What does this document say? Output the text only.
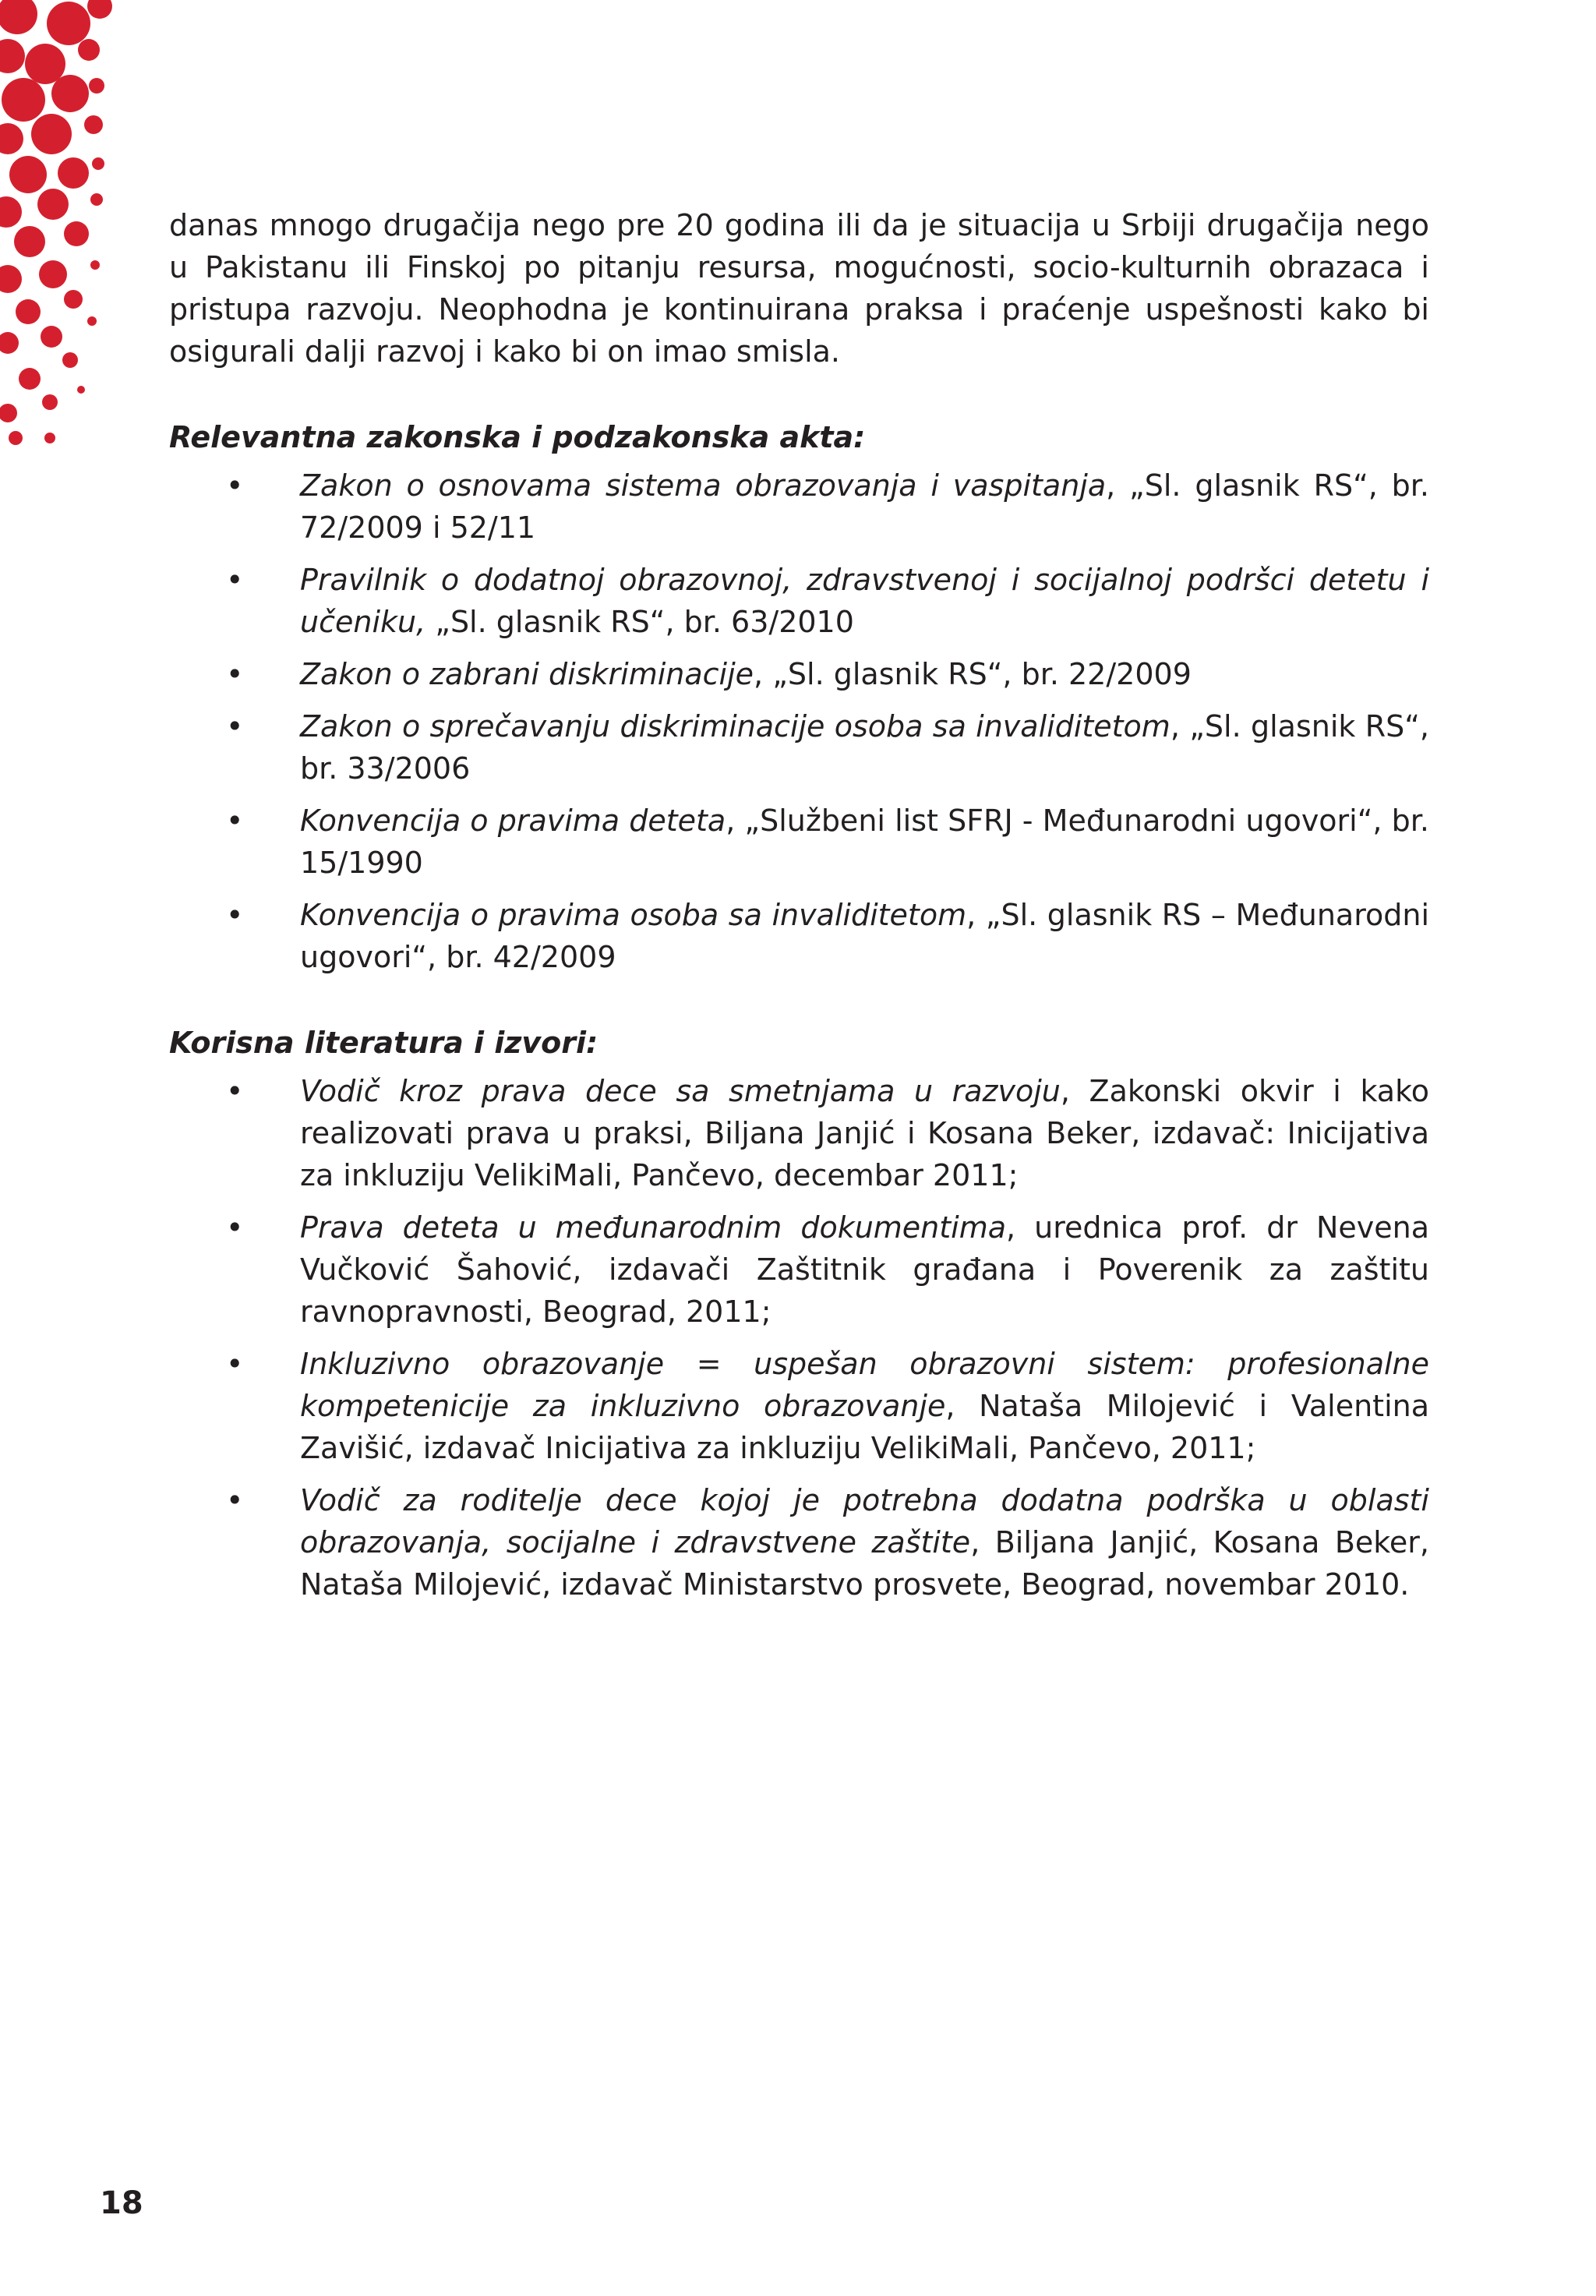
danas mnogo drugačija nego pre 20 godina ili da je situacija u Srbiji drugačija nego u Pakistanu ili Finskoj po pitanju resursa, mogućnosti, socio-kulturnih obrazaca i pristupa razvoju. Neophodna je kontinuirana praksa i praćenje uspešnosti kako bi osigurali dalji razvoj i kako bi on imao smisla.

Relevantna zakonska i podzakonska akta:
• Zakon o osnovama sistema obrazovanja i vaspitanja, „Sl. glasnik RS“, br. 72/2009 i 52/11
• Pravilnik o dodatnoj obrazovnoj, zdravstvenoj i socijalnoj podršci detetu i učeniku, „Sl. glasnik RS“, br. 63/2010
• Zakon o zabrani diskriminacije, „Sl. glasnik RS“, br. 22/2009
• Zakon o sprečavanju diskriminacije osoba sa invaliditetom, „Sl. glasnik RS“, br. 33/2006
• Konvencija o pravima deteta, „Službeni list SFRJ - Međunarodni ugovori“, br. 15/1990
• Konvencija o pravima osoba sa invaliditetom, „Sl. glasnik RS – Međunarodni ugovori“, br. 42/2009
Korisna literatura i izvori:
• Vodič kroz prava dece sa smetnjama u razvoju, Zakonski okvir i kako realizovati prava u praksi, Biljana Janjić i Kosana Beker, izdavač: Inicijativa za inkluziju VelikiMali, Pančevo, decembar 2011;
• Prava deteta u međunarodnim dokumentima, urednica prof. dr Nevena Vučković Šahović, izdavači Zaštitnik građana i Poverenik za zaštitu ravnopravnosti, Beograd, 2011;
• Inkluzivno obrazovanje = uspešan obrazovni sistem: profesionalne kompetenicije za inkluzivno obrazovanje, Nataša Milojević i Valentina Zavišić, izdavač Inicijativa za inkluziju VelikiMali, Pančevo, 2011;
• Vodič za roditelje dece kojoj je potrebna dodatna podrška u oblasti obrazovanja, socijalne i zdravstvene zaštite, Biljana Janjić, Kosana Beker, Nataša Milojević, izdavač Ministarstvo prosvete, Beograd, novembar 2010.
18
